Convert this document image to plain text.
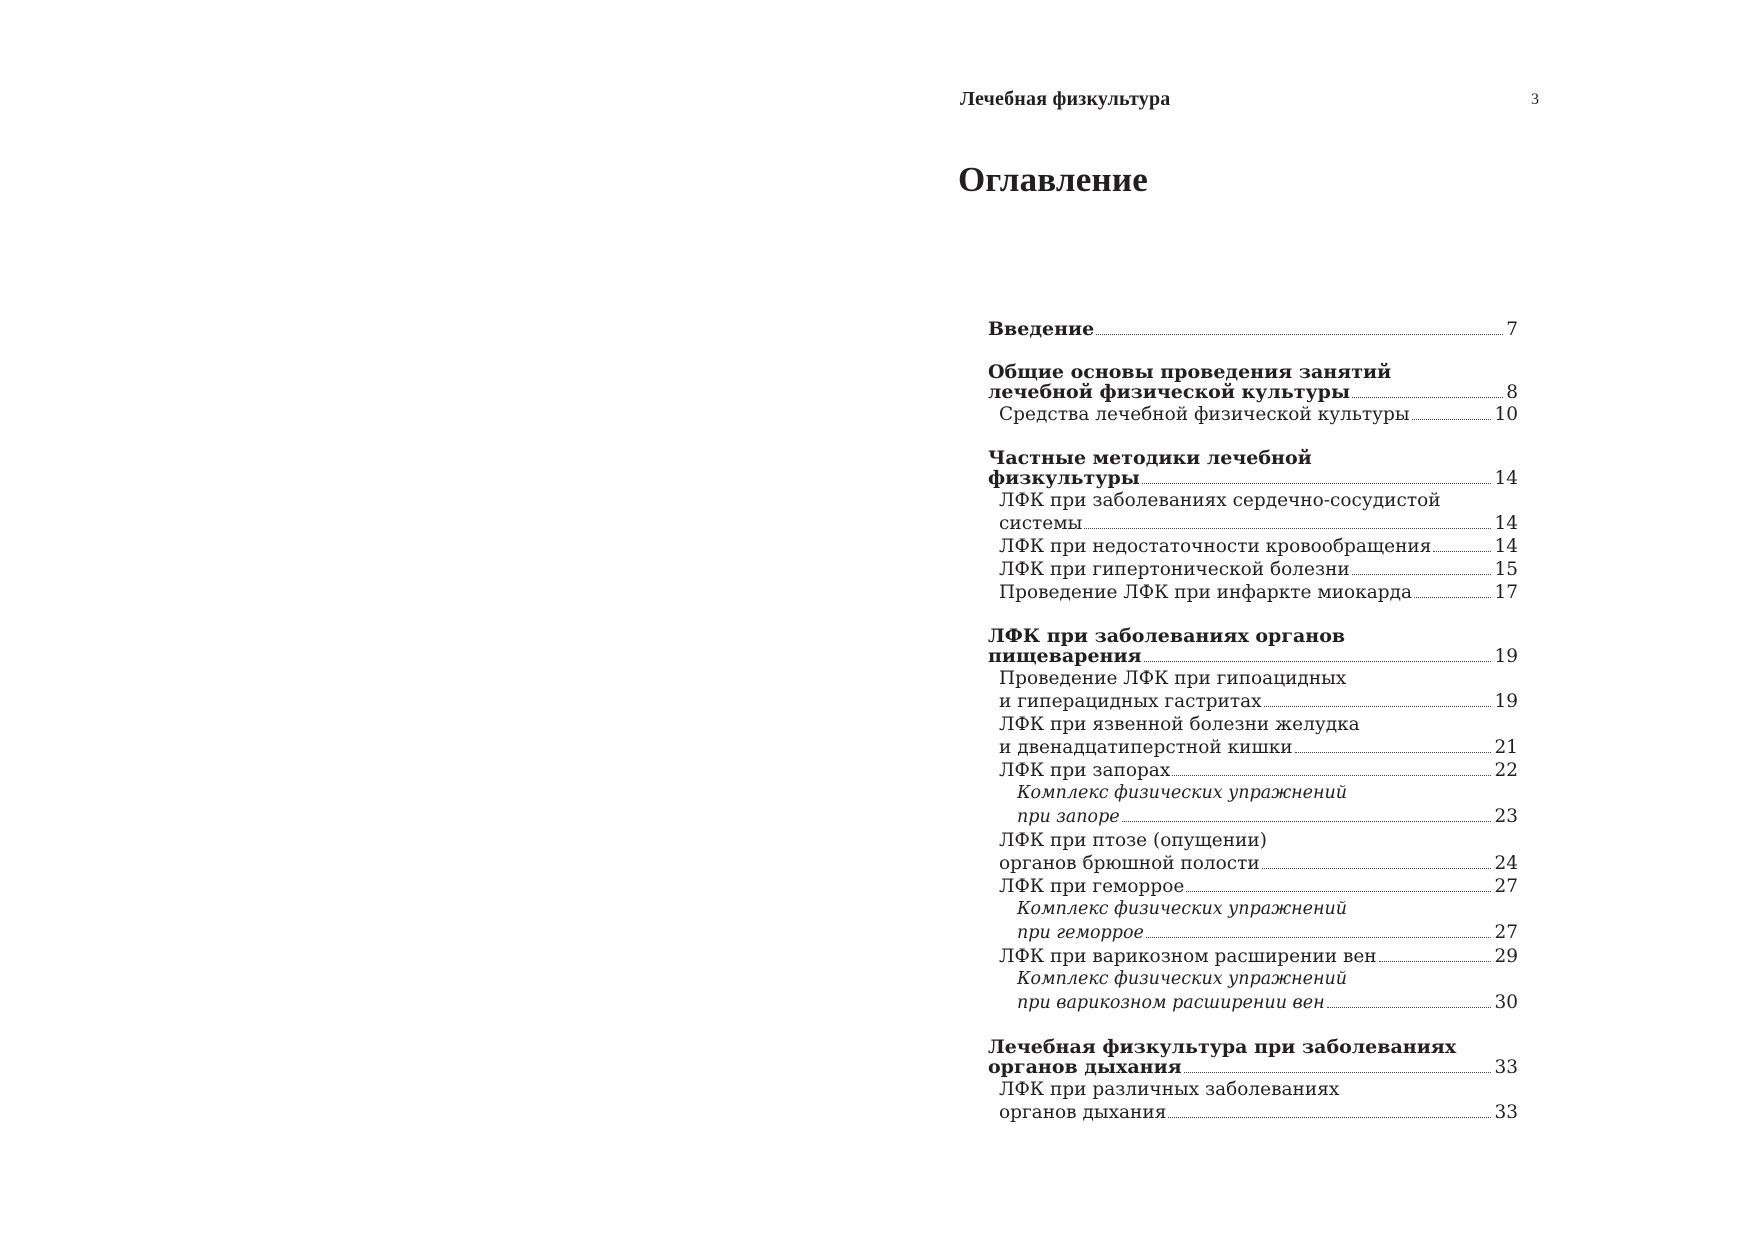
Лечебная физкультура	3
Оглавление
Введение	7
Общие основы проведения занятий
лечебной физической культуры	8
Средства лечебной физической культуры	10
Частные методики лечебной
физкультуры	14
ЛФК при заболеваниях сердечно-сосудистой
системы	14
ЛФК при недостаточности кровообращения	14
ЛФК при гипертонической болезни	15
Проведение ЛФК при инфаркте миокарда	17
ЛФК при заболеваниях органов
пищеварения	19
Проведение ЛФК при гипоацидных
и гиперацидных гастритах	19
ЛФК при язвенной болезни желудка
и двенадцатиперстной кишки	21
ЛФК при запорах	22
Комплекс физических упражнений
при запоре	23
ЛФК при птозе (опущении)
органов брюшной полости	24
ЛФК при геморрое	27
Комплекс физических упражнений
при геморрое	27
ЛФК при варикозном расширении вен	29
Комплекс физических упражнений
при варикозном расширении вен	30
Лечебная физкультура при заболеваниях
органов дыхания	33
ЛФК при различных заболеваниях
органов дыхания	33
